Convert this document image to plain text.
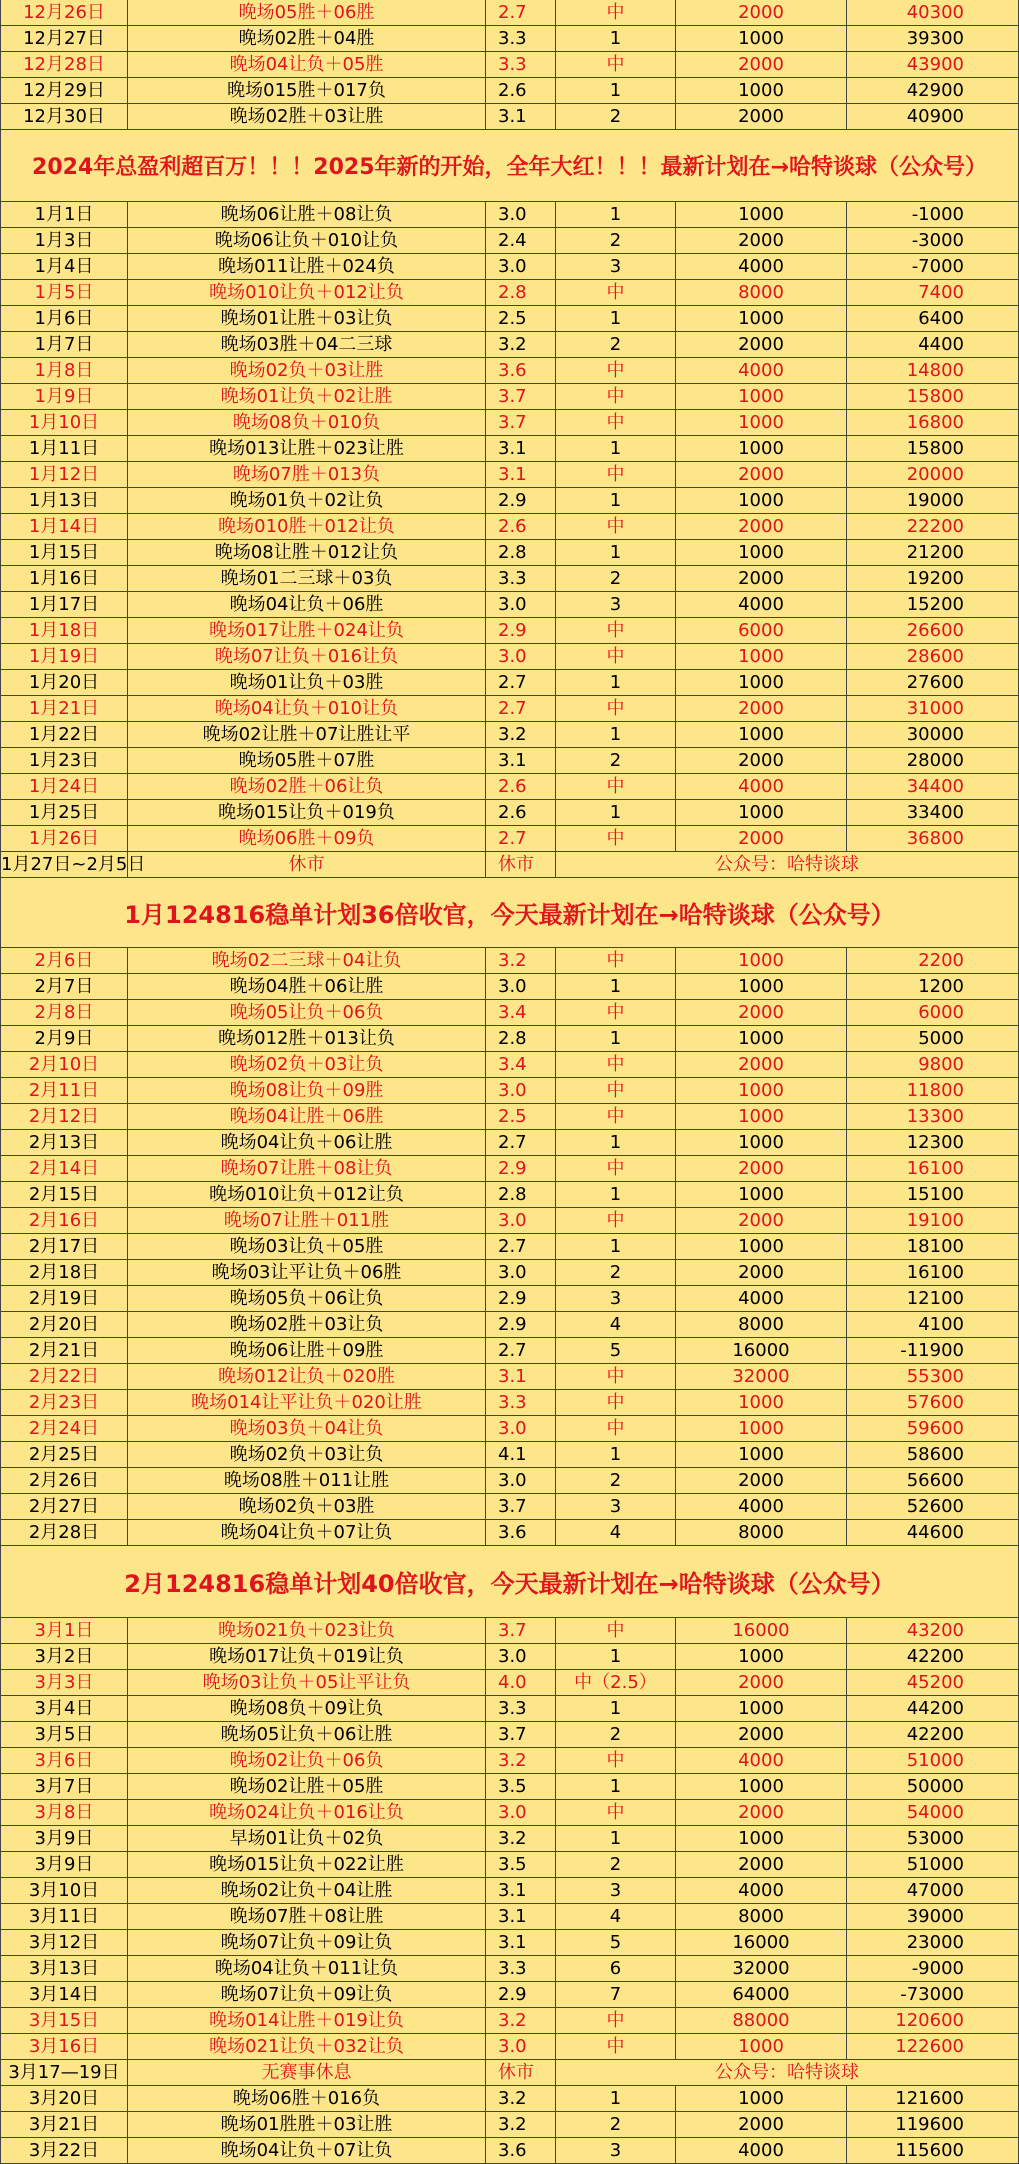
12月26日	晚场05胜＋06胜	2.7	中	2000	40300
12月27日	晚场02胜＋04胜	3.3	1	1000	39300
12月28日	晚场04让负＋05胜	3.3	中	2000	43900
12月29日	晚场015胜＋017负	2.6	1	1000	42900
12月30日	晚场02胜＋03让胜	3.1	2	2000	40900
2024年总盈利超百万！！！2025年新的开始，全年大红！！！最新计划在→哈特谈球（公众号）
1月1日	晚场06让胜＋08让负	3.0	1	1000	-1000
1月3日	晚场06让负＋010让负	2.4	2	2000	-3000
1月4日	晚场011让胜＋024负	3.0	3	4000	-7000
1月5日	晚场010让负＋012让负	2.8	中	8000	7400
1月6日	晚场01让胜＋03让负	2.5	1	1000	6400
1月7日	晚场03胜＋04二三球	3.2	2	2000	4400
1月8日	晚场02负＋03让胜	3.6	中	4000	14800
1月9日	晚场01让负＋02让胜	3.7	中	1000	15800
1月10日	晚场08负＋010负	3.7	中	1000	16800
1月11日	晚场013让胜＋023让胜	3.1	1	1000	15800
1月12日	晚场07胜＋013负	3.1	中	2000	20000
1月13日	晚场01负＋02让负	2.9	1	1000	19000
1月14日	晚场010胜＋012让负	2.6	中	2000	22200
1月15日	晚场08让胜＋012让负	2.8	1	1000	21200
1月16日	晚场01二三球＋03负	3.3	2	2000	19200
1月17日	晚场04让负＋06胜	3.0	3	4000	15200
1月18日	晚场017让胜＋024让负	2.9	中	6000	26600
1月19日	晚场07让负＋016让负	3.0	中	1000	28600
1月20日	晚场01让负＋03胜	2.7	1	1000	27600
1月21日	晚场04让负＋010让负	2.7	中	2000	31000
1月22日	晚场02让胜＋07让胜让平	3.2	1	1000	30000
1月23日	晚场05胜＋07胜	3.1	2	2000	28000
1月24日	晚场02胜＋06让负	2.6	中	4000	34400
1月25日	晚场015让负＋019负	2.6	1	1000	33400
1月26日	晚场06胜＋09负	2.7	中	2000	36800
1月27日~2月5日	休市	休市	公众号：哈特谈球
1月124816稳单计划36倍收官，今天最新计划在→哈特谈球（公众号）
2月6日	晚场02二三球＋04让负	3.2	中	1000	2200
2月7日	晚场04胜＋06让胜	3.0	1	1000	1200
2月8日	晚场05让负＋06负	3.4	中	2000	6000
2月9日	晚场012胜＋013让负	2.8	1	1000	5000
2月10日	晚场02负＋03让负	3.4	中	2000	9800
2月11日	晚场08让负＋09胜	3.0	中	1000	11800
2月12日	晚场04让胜＋06胜	2.5	中	1000	13300
2月13日	晚场04让负＋06让胜	2.7	1	1000	12300
2月14日	晚场07让胜＋08让负	2.9	中	2000	16100
2月15日	晚场010让负＋012让负	2.8	1	1000	15100
2月16日	晚场07让胜＋011胜	3.0	中	2000	19100
2月17日	晚场03让负＋05胜	2.7	1	1000	18100
2月18日	晚场03让平让负＋06胜	3.0	2	2000	16100
2月19日	晚场05负＋06让负	2.9	3	4000	12100
2月20日	晚场02胜＋03让负	2.9	4	8000	4100
2月21日	晚场06让胜＋09胜	2.7	5	16000	-11900
2月22日	晚场012让负＋020胜	3.1	中	32000	55300
2月23日	晚场014让平让负＋020让胜	3.3	中	1000	57600
2月24日	晚场03负＋04让负	3.0	中	1000	59600
2月25日	晚场02负＋03让负	4.1	1	1000	58600
2月26日	晚场08胜＋011让胜	3.0	2	2000	56600
2月27日	晚场02负＋03胜	3.7	3	4000	52600
2月28日	晚场04让负＋07让负	3.6	4	8000	44600
2月124816稳单计划40倍收官，今天最新计划在→哈特谈球（公众号）
3月1日	晚场021负＋023让负	3.7	中	16000	43200
3月2日	晚场017让负＋019让负	3.0	1	1000	42200
3月3日	晚场03让负＋05让平让负	4.0	中（2.5）	2000	45200
3月4日	晚场08负＋09让负	3.3	1	1000	44200
3月5日	晚场05让负＋06让胜	3.7	2	2000	42200
3月6日	晚场02让负＋06负	3.2	中	4000	51000
3月7日	晚场02让胜＋05胜	3.5	1	1000	50000
3月8日	晚场024让负＋016让负	3.0	中	2000	54000
3月9日	早场01让负＋02负	3.2	1	1000	53000
3月9日	晚场015让负＋022让胜	3.5	2	2000	51000
3月10日	晚场02让负＋04让胜	3.1	3	4000	47000
3月11日	晚场07胜＋08让胜	3.1	4	8000	39000
3月12日	晚场07让负＋09让负	3.1	5	16000	23000
3月13日	晚场04让负＋011让负	3.3	6	32000	-9000
3月14日	晚场07让负＋09让负	2.9	7	64000	-73000
3月15日	晚场014让胜＋019让负	3.2	中	88000	120600
3月16日	晚场021让负＋032让负	3.0	中	1000	122600
3月17—19日	无赛事休息	休市	公众号：哈特谈球
3月20日	晚场06胜＋016负	3.2	1	1000	121600
3月21日	晚场01胜胜＋03让胜	3.2	2	2000	119600
3月22日	晚场04让负＋07让负	3.6	3	4000	115600
